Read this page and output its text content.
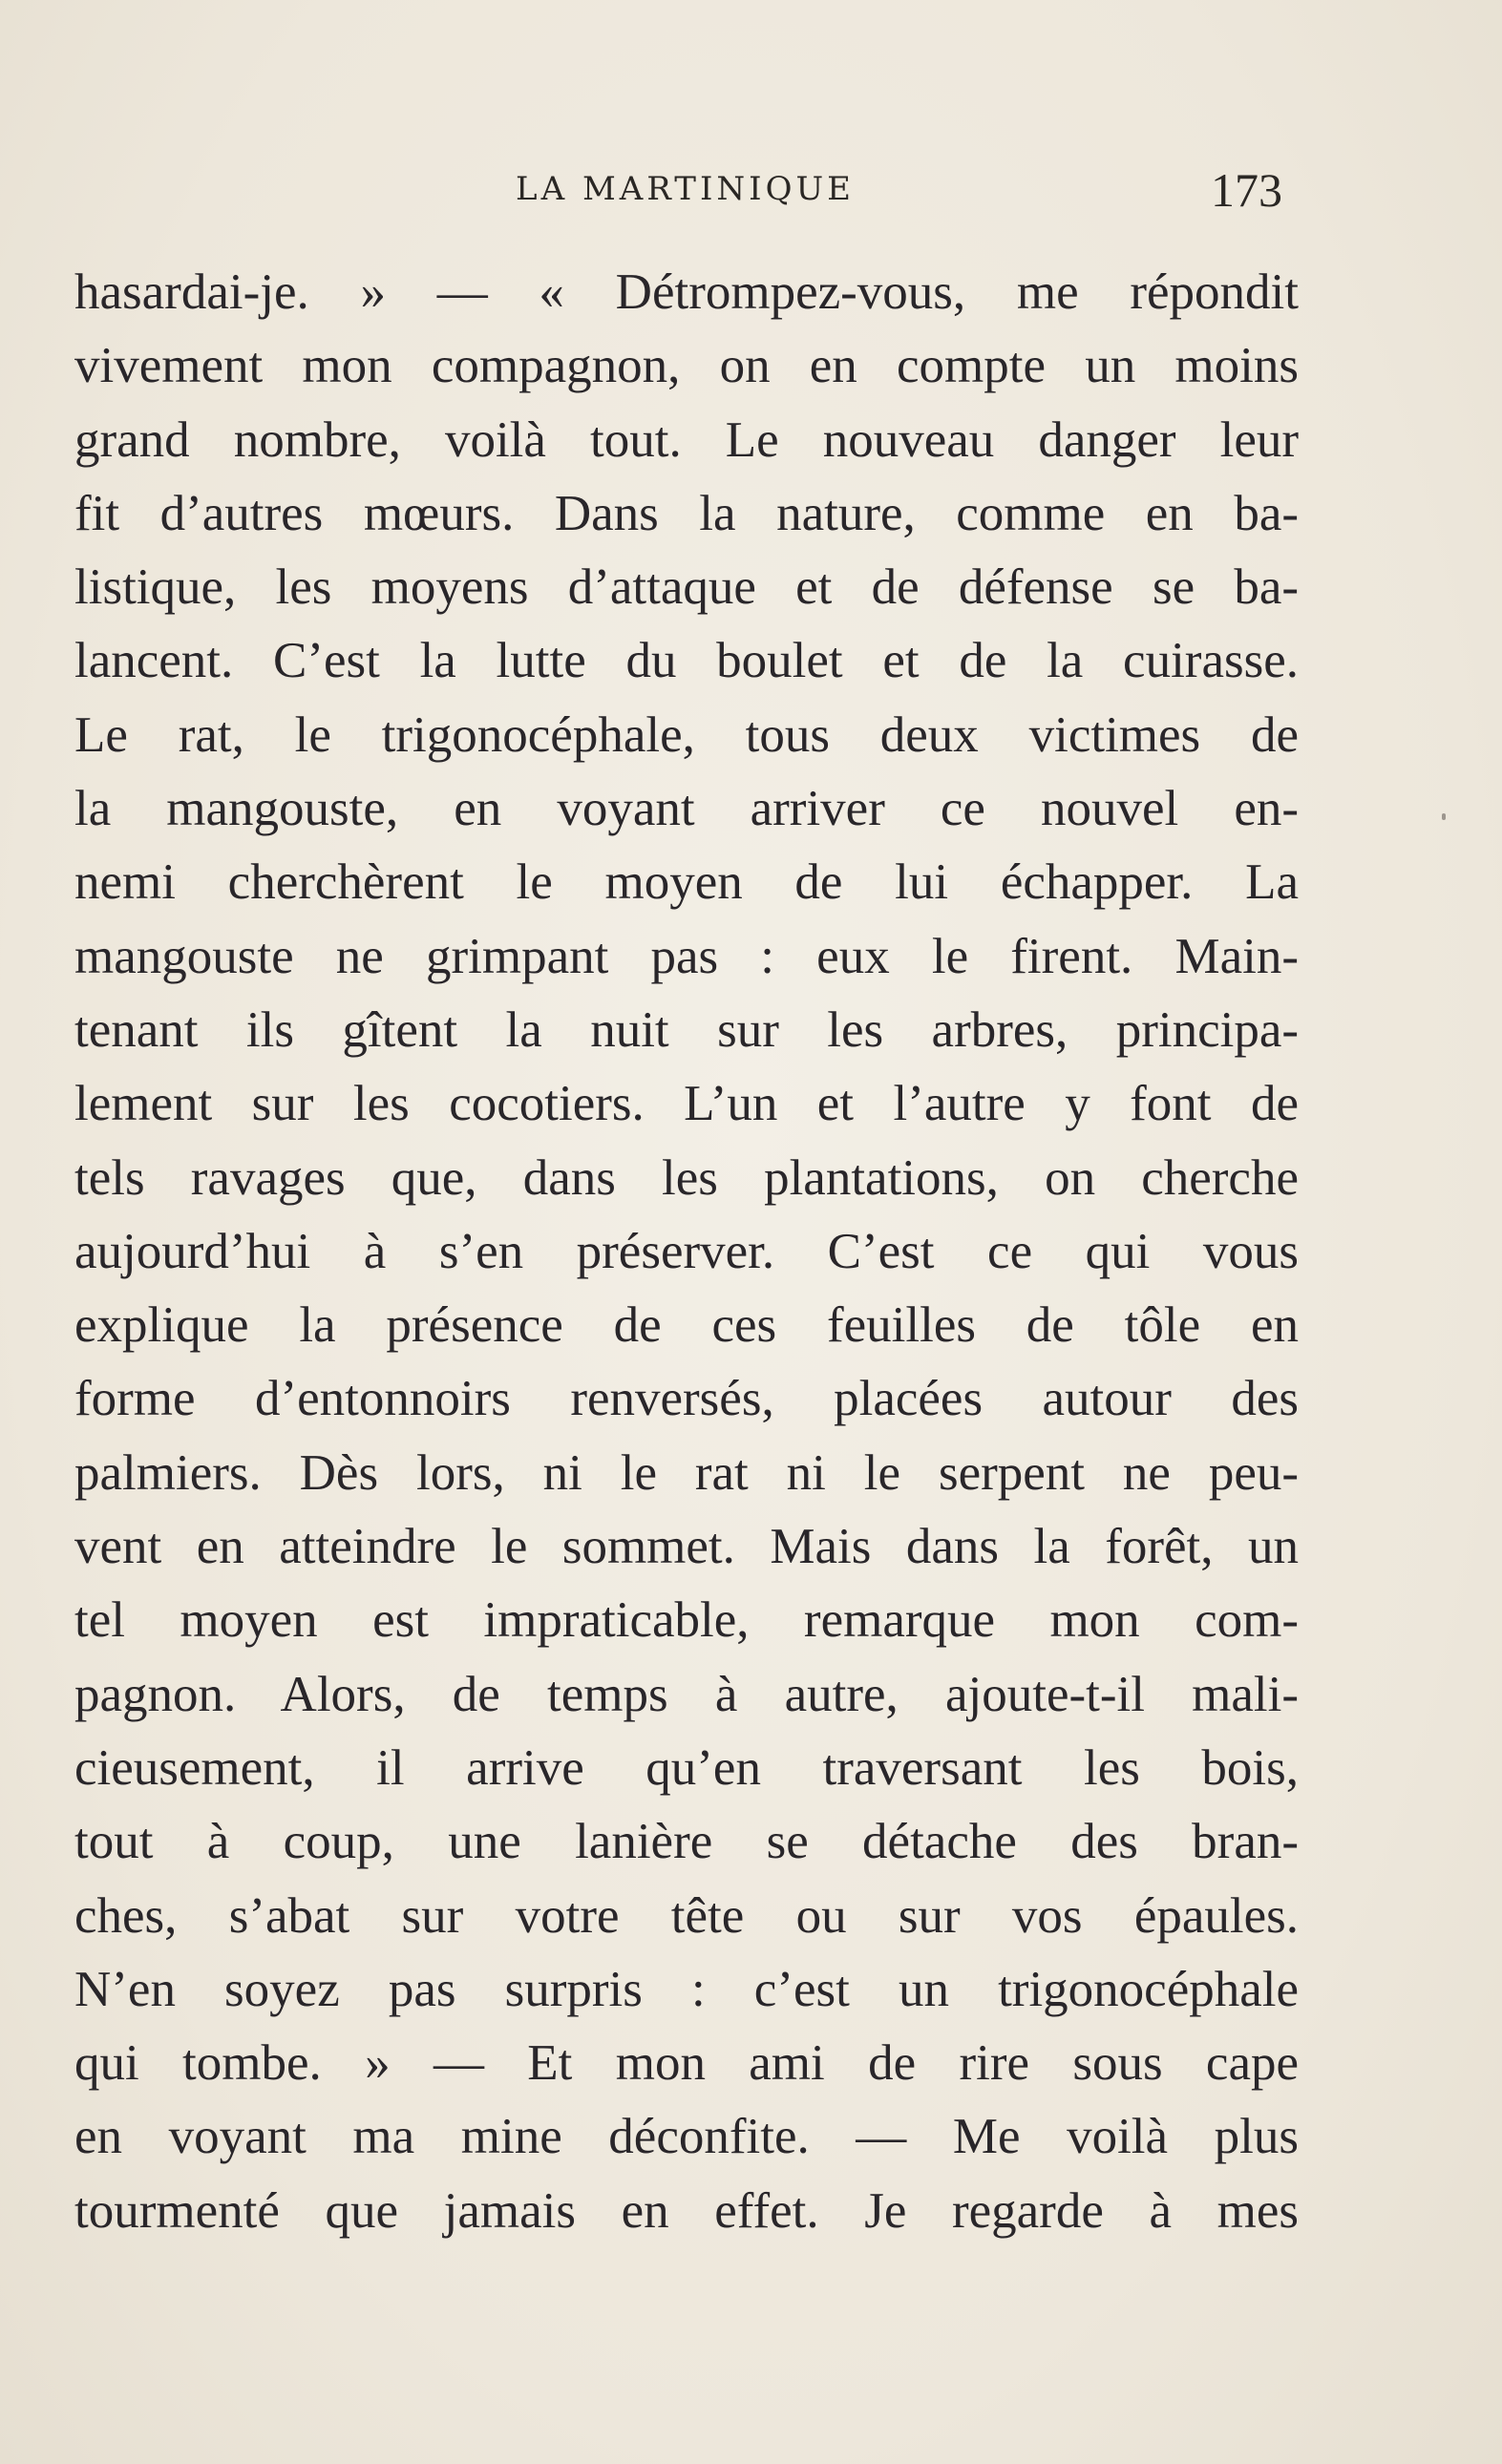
LA MARTINIQUE	173
hasardai-je. » — « Détrompez-vous, me répondit
vivement mon compagnon, on en compte un moins
grand nombre, voilà tout. Le nouveau danger leur
fit d’autres mœurs. Dans la nature, comme en ba-
listique, les moyens d’attaque et de défense se ba-
lancent. C’est la lutte du boulet et de la cuirasse.
Le rat, le trigonocéphale, tous deux victimes de
la mangouste, en voyant arriver ce nouvel en-
nemi cherchèrent le moyen de lui échapper. La
mangouste ne grimpant pas : eux le firent. Main-
tenant ils gîtent la nuit sur les arbres, principa-
lement sur les cocotiers. L’un et l’autre y font de
tels ravages que, dans les plantations, on cherche
aujourd’hui à s’en préserver. C’est ce qui vous
explique la présence de ces feuilles de tôle en
forme d’entonnoirs renversés, placées autour des
palmiers. Dès lors, ni le rat ni le serpent ne peu-
vent en atteindre le sommet. Mais dans la forêt, un
tel moyen est impraticable, remarque mon com-
pagnon. Alors, de temps à autre, ajoute-t-il mali-
cieusement, il arrive qu’en traversant les bois,
tout à coup, une lanière se détache des bran-
ches, s’abat sur votre tête ou sur vos épaules.
N’en soyez pas surpris : c’est un trigonocéphale
qui tombe. » — Et mon ami de rire sous cape
en voyant ma mine déconfite. — Me voilà plus
tourmenté que jamais en effet. Je regarde à mes
